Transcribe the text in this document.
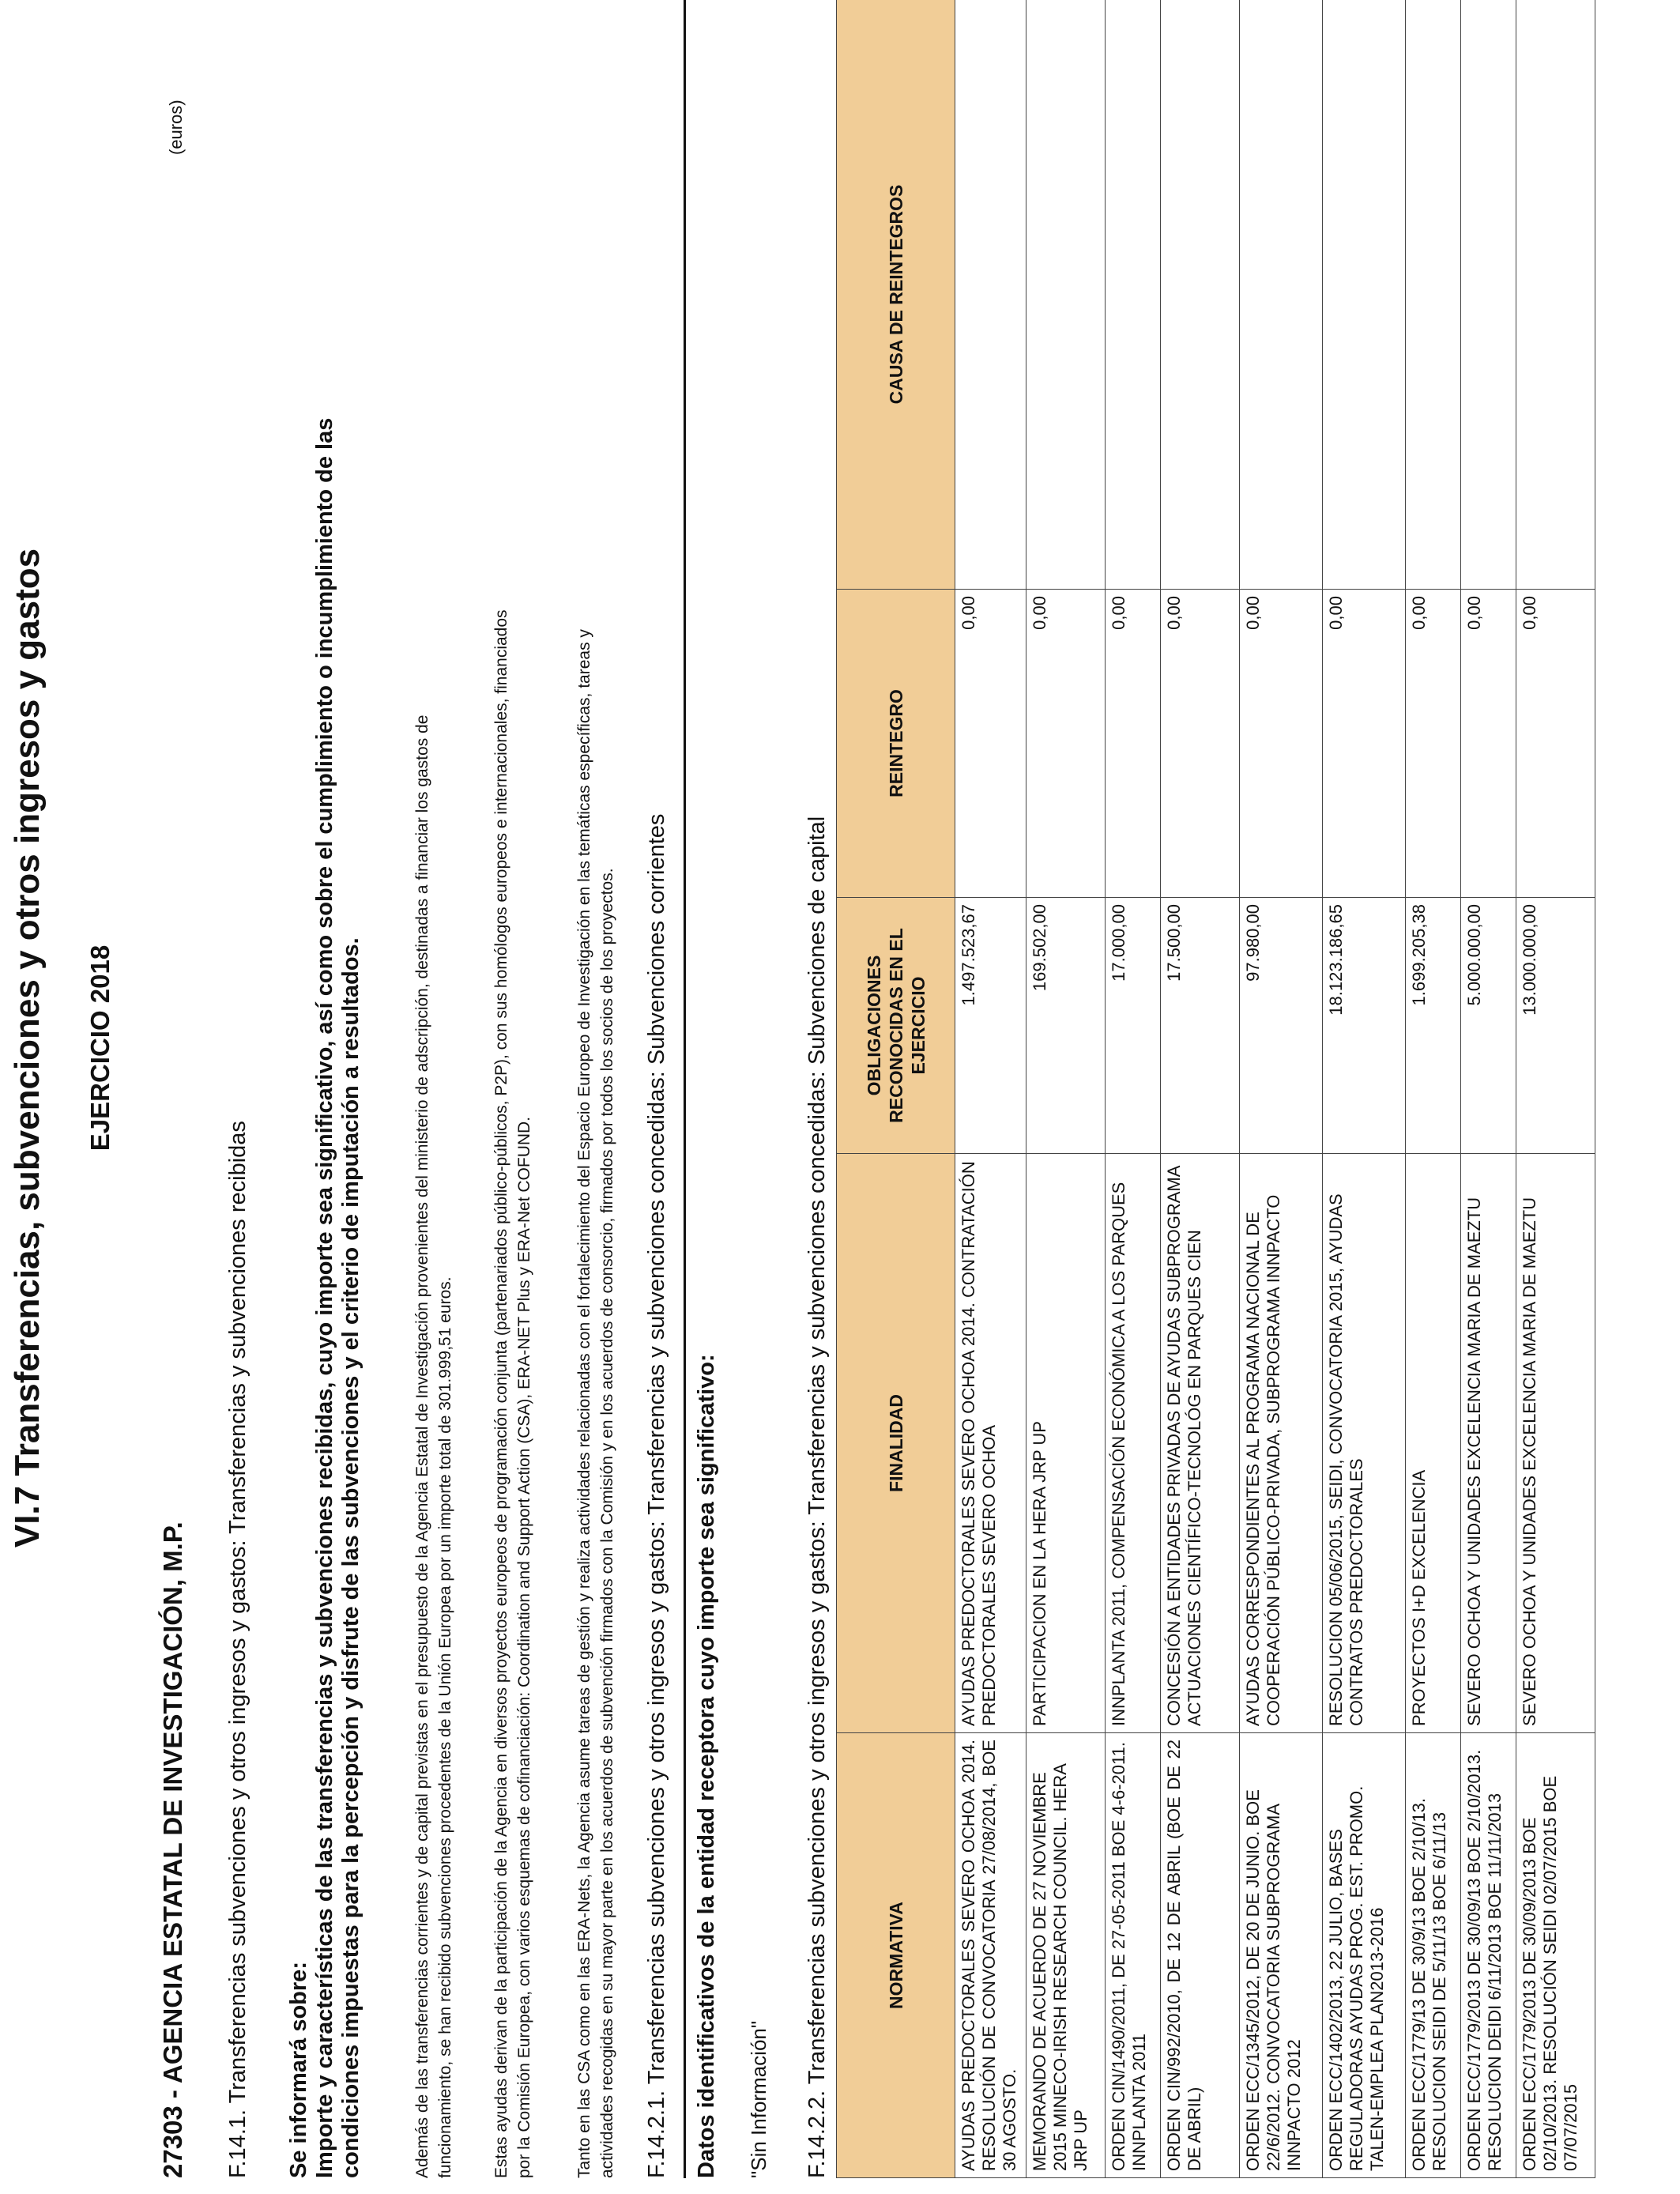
VI.7 Transferencias, subvenciones y otros ingresos y gastos EJERCICIO 2018
(euros)
27303 - AGENCIA ESTATAL DE INVESTIGACIÓN, M.P. F.14.1. Transferencias subvenciones y otros ingresos y gastos: Transferencias y subvenciones recibidas Se informará sobre: Importe y características de las transferencias y subvenciones recibidas, cuyo importe sea significativo, así como sobre el cumplimiento o incumplimiento de las condiciones impuestas para la percepción y disfrute de las subvenciones y el criterio de imputación a resultados.	Además de las transferencias corrientes y de capital previstas en el presupuesto de la Agencia Estatal de Investigación provenientes del ministerio de adscripción, destinadas a financiar los gastos de funcionamiento, se han recibido subvenciones procedentes de la Unión Europea por un importe total de 301.999,51 euros. Estas ayudas derivan de la participación de la Agencia en diversos proyectos europeos de programación conjunta (partenariados público-públicos, P2P), con sus homólogos europeos e internacionales, financiados por la Comisión Europea, con varios esquemas de cofinanciación: Coordination and Support Action (CSA), ERA-NET Plus y ERA-Net COFUND.	Tanto en las CSA como en las ERA-Nets, la Agencia asume tareas de gestión y realiza actividades relacionadas con el fortalecimiento del Espacio Europeo de Investigación en las temáticas específicas, tareas y actividades recogidas en su mayor parte en los acuerdos de subvención firmados con la Comisión y en los acuerdos de consorcio, firmados por todos los socios de los proyectos. F.14.2.1. Transferencias subvenciones y otros ingresos y gastos: Transferencias y subvenciones concedidas: Subvenciones corrientes Datos identificativos de la entidad receptora cuyo importe sea significativo: "Sin Información" F.14.2.2. Transferencias subvenciones y otros ingresos y gastos: Transferencias y subvenciones concedidas: Subvenciones de capital	NORMATIVA	FINALIDAD	OBLIGACIONES RECONOCIDAS EN EL EJERCICIO	REINTEGRO	CAUSA DE REINTEGROS
AYUDAS PREDOCTORALES SEVERO OCHOA 2014. RESOLUCIÓN DE CONVOCATORIA 27/08/2014, BOE 30 AGOSTO.	AYUDAS PREDOCTORALES SEVERO OCHOA 2014. CONTRATACIÓN PREDOCTORALES SEVERO OCHOA	1.497.523,67	0,00	
MEMORANDO DE ACUERDO DE 27 NOVIEMBRE 2015 MINECO-IRISH RESEARCH COUNCIL. HERA JRP UP	PARTICIPACION EN LA HERA JRP UP	169.502,00	0,00	
ORDEN CIN/1490/2011, DE 27-05-2011 BOE 4-6-2011. INNPLANTA 2011	INNPLANTA 2011, COMPENSACIÓN ECONÓMICA A LOS PARQUES	17.000,00	0,00	
ORDEN CIN/992/2010, DE 12 DE ABRIL (BOE DE 22 DE ABRIL)	CONCESIÓN A ENTIDADES PRIVADAS DE AYUDAS SUBPROGRAMA ACTUACIONES CIENTÍFICO-TECNOLÓG EN PARQUES CIEN	17.500,00	0,00	
ORDEN ECC/1345/2012, DE 20 DE JUNIO. BOE 22/6/2012. CONVOCATORIA SUBPROGRAMA INNPACTO 2012	AYUDAS CORRESPONDIENTES AL PROGRAMA NACIONAL DE COOPERACIÓN PÚBLICO-PRIVADA, SUBPROGRAMA INNPACTO	97.980,00	0,00	
ORDEN ECC/1402/2013, 22 JULIO, BASES REGULADORAS AYUDAS PROG. EST. PROMO. TALEN-EMPLEA PLAN2013-2016	RESOLUCION 05/06/2015, SEIDI, CONVOCATORIA 2015, AYUDAS CONTRATOS PREDOCTORALES	18.123.186,65	0,00	
ORDEN ECC/1779/13 DE 30/9/13 BOE 2/10/13. RESOLUCION SEIDI DE 5/11/13 BOE 6/11/13	PROYECTOS I+D EXCELENCIA	1.699.205,38	0,00	
ORDEN ECC/1779/2013 DE 30/09/13 BOE 2/10/2013. RESOLUCION DEIDI 6/11/2013 BOE 11/11/2013	SEVERO OCHOA Y UNIDADES EXCELENCIA MARIA DE MAEZTU	5.000.000,00	0,00	
ORDEN ECC/1779/2013 DE 30/09/2013 BOE 02/10/2013. RESOLUCIÓN SEIDI 02/07/2015 BOE 07/07/2015	SEVERO OCHOA Y UNIDADES EXCELENCIA MARIA DE MAEZTU	13.000.000,00	0,00	
